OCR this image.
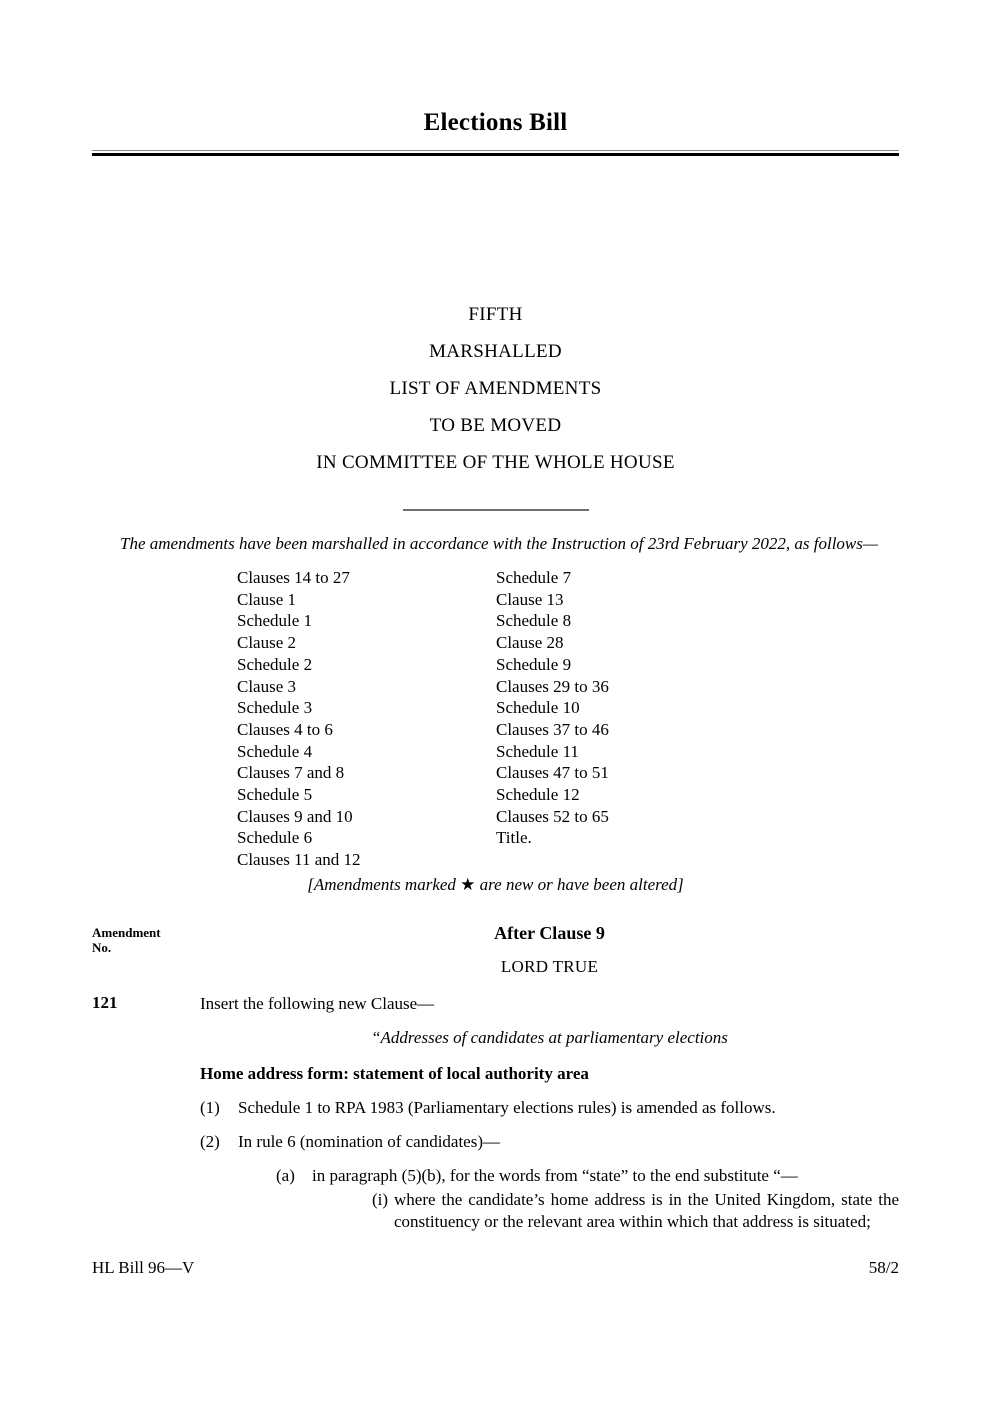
Elections Bill
FIFTH
MARSHALLED
LIST OF AMENDMENTS
TO BE MOVED
IN COMMITTEE OF THE WHOLE HOUSE
The amendments have been marshalled in accordance with the Instruction of 23rd February 2022, as follows—
Clauses 14 to 27
Clause 1
Schedule 1
Clause 2
Schedule 2
Clause 3
Schedule 3
Clauses 4 to 6
Schedule 4
Clauses 7 and 8
Schedule 5
Clauses 9 and 10
Schedule 6
Clauses 11 and 12
Schedule 7
Clause 13
Schedule 8
Clause 28
Schedule 9
Clauses 29 to 36
Schedule 10
Clauses 37 to 46
Schedule 11
Clauses 47 to 51
Schedule 12
Clauses 52 to 65
Title.
[Amendments marked ★ are new or have been altered]
Amendment
No.
After Clause 9
LORD TRUE
121	Insert the following new Clause—
“Addresses of candidates at parliamentary elections
Home address form: statement of local authority area
(1)	Schedule 1 to RPA 1983 (Parliamentary elections rules) is amended as follows.
(2)	In rule 6 (nomination of candidates)—
(a)	in paragraph (5)(b), for the words from “state” to the end substitute “—
(i) where the candidate’s home address is in the United Kingdom, state the constituency or the relevant area within which that address is situated;
HL Bill 96—V	58/2
